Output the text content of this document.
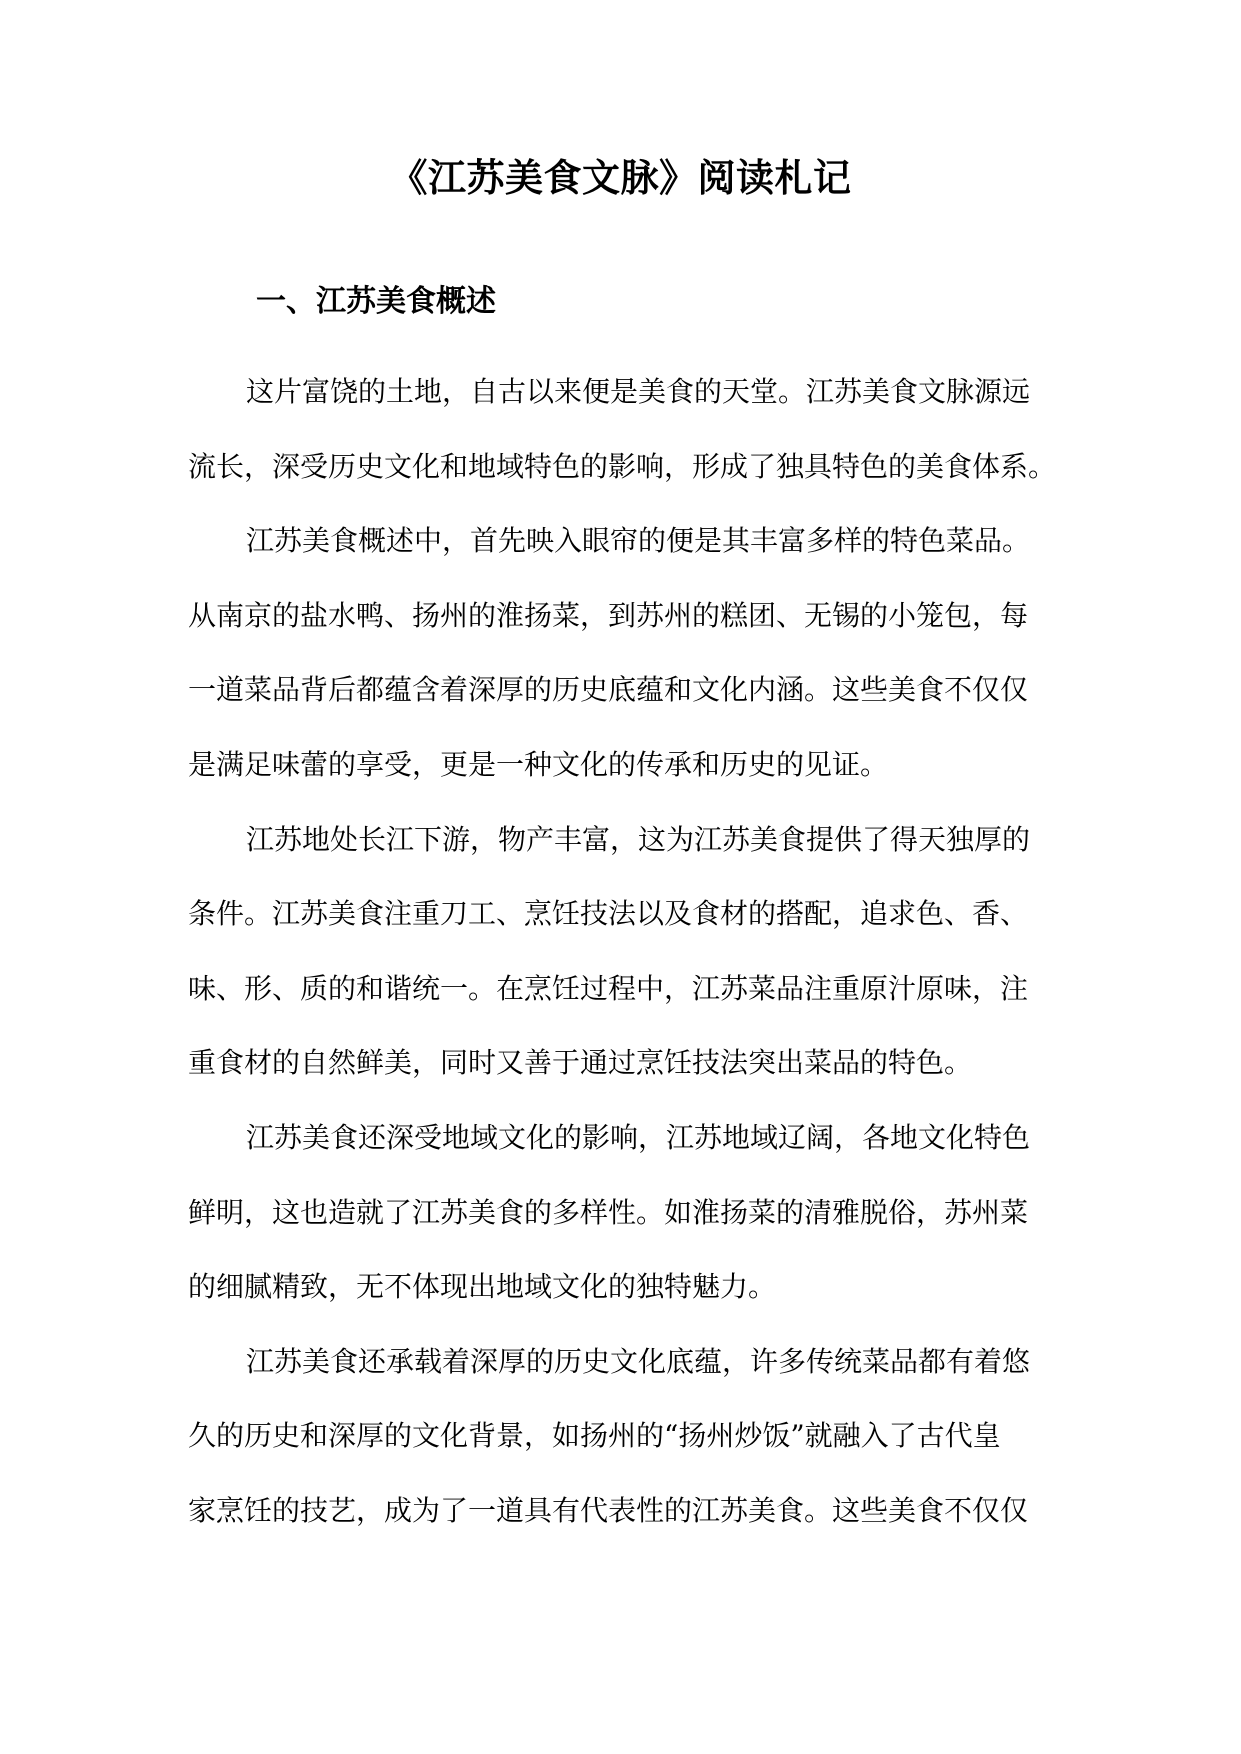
《江苏美食文脉》阅读札记
一、江苏美食概述
这片富饶的土地，自古以来便是美食的天堂。江苏美食文脉源远
流长，深受历史文化和地域特色的影响，形成了独具特色的美食体系。
江苏美食概述中，首先映入眼帘的便是其丰富多样的特色菜品。
从南京的盐水鸭、扬州的淮扬菜，到苏州的糕团、无锡的小笼包，每
一道菜品背后都蕴含着深厚的历史底蕴和文化内涵。这些美食不仅仅
是满足味蕾的享受，更是一种文化的传承和历史的见证。
江苏地处长江下游，物产丰富，这为江苏美食提供了得天独厚的
条件。江苏美食注重刀工、烹饪技法以及食材的搭配，追求色、香、
味、形、质的和谐统一。在烹饪过程中，江苏菜品注重原汁原味，注
重食材的自然鲜美，同时又善于通过烹饪技法突出菜品的特色。
江苏美食还深受地域文化的影响，江苏地域辽阔，各地文化特色
鲜明，这也造就了江苏美食的多样性。如淮扬菜的清雅脱俗，苏州菜
的细腻精致，无不体现出地域文化的独特魅力。
江苏美食还承载着深厚的历史文化底蕴，许多传统菜品都有着悠
久的历史和深厚的文化背景，如扬州的“扬州炒饭”就融入了古代皇
家烹饪的技艺，成为了一道具有代表性的江苏美食。这些美食不仅仅
